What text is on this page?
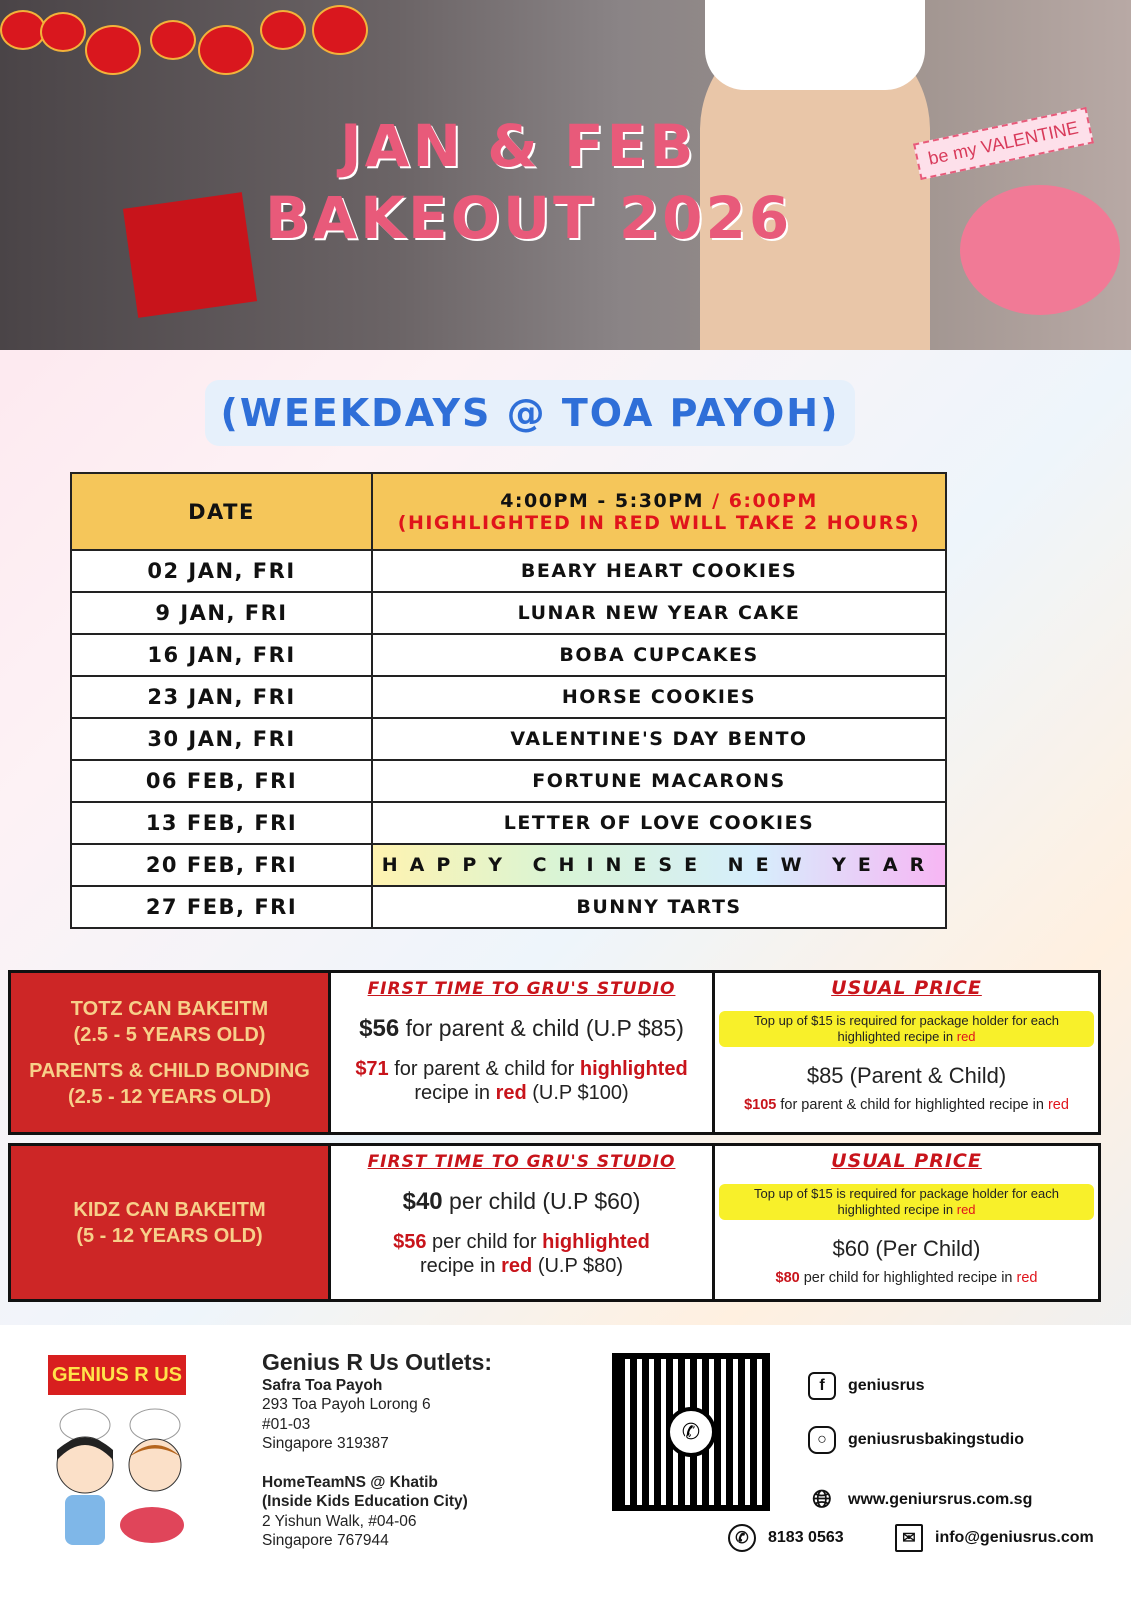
be my VALENTINE
JAN & FEB
BAKEOUT 2026
(WEEKDAYS @ TOA PAYOH)
DATE	4:00PM - 5:30PM / 6:00PM
(HIGHLIGHTED IN RED WILL TAKE 2 HOURS)

02 JAN, FRI	BEARY HEART COOKIES
9 JAN, FRI	LUNAR NEW YEAR CAKE
16 JAN, FRI	BOBA CUPCAKES
23 JAN, FRI	HORSE COOKIES
30 JAN, FRI	VALENTINE'S DAY BENTO
06 FEB, FRI	FORTUNE MACARONS
13 FEB, FRI	LETTER OF LOVE COOKIES
20 FEB, FRI	HAPPY CHINESE NEW YEAR
27 FEB, FRI	BUNNY TARTS
TOTZ CAN BAKEITM
(2.5 - 5 YEARS OLD)
PARENTS & CHILD BONDING
(2.5 - 12 YEARS OLD)
FIRST TIME TO GRU'S STUDIO
$56 for parent & child (U.P $85)
$71 for parent & child for highlighted
recipe in red (U.P $100)
USUAL PRICE
Top up of $15 is required for package holder for each highlighted recipe in red
$85 (Parent & Child)
$105 for parent & child for highlighted recipe in red
KIDZ CAN BAKEITM
(5 - 12 YEARS OLD)
FIRST TIME TO GRU'S STUDIO
$40 per child (U.P $60)
$56 per child for highlighted
recipe in red (U.P $80)
USUAL PRICE
Top up of $15 is required for package holder for each highlighted recipe in red
$60 (Per Child)
$80 per child for highlighted recipe in red
GENIUS R US	Genius R Us Outlets:
Safra Toa Payoh
293 Toa Payoh Lorong 6
#01-03
Singapore 319387
HomeTeamNS @ Khatib
(Inside Kids Education City)
2 Yishun Walk, #04-06
Singapore 767944
✆
f	geniusrus
○	geniusrusbakingstudio
🌐︎ www.geniursrus.com.sg
✆	8183 0563	✉	info@geniusrus.com
